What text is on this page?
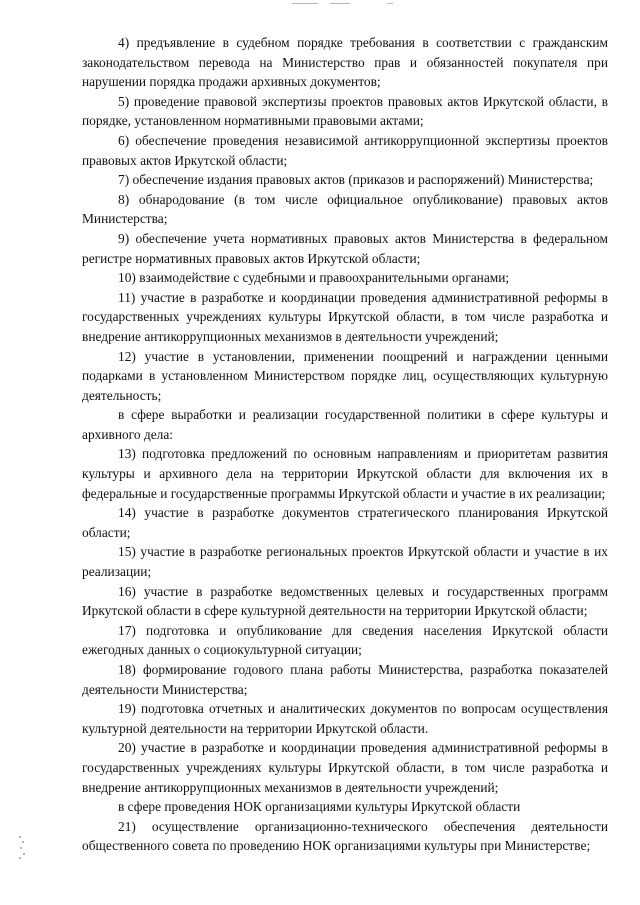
4) предъявление в судебном порядке требования в соответствии с гражданским законодательством перевода на Министерство прав и обязанностей покупателя при нарушении порядка продажи архивных документов;

5) проведение правовой экспертизы проектов правовых актов Иркутской области, в порядке, установленном нормативными правовыми актами;

6) обеспечение проведения независимой антикоррупционной экспертизы проектов правовых актов Иркутской области;

7) обеспечение издания правовых актов (приказов и распоряжений) Министерства;

8) обнародование (в том числе официальное опубликование) правовых актов Министерства;

9) обеспечение учета нормативных правовых актов Министерства в федеральном регистре нормативных правовых актов Иркутской области;

10) взаимодействие с судебными и правоохранительными органами;

11) участие в разработке и координации проведения административной реформы в государственных учреждениях культуры Иркутской области, в том числе разработка и внедрение антикоррупционных механизмов в деятельности учреждений;

12) участие в установлении, применении поощрений и награждении ценными подарками в установленном Министерством порядке лиц, осуществляющих культурную деятельность;

в сфере выработки и реализации государственной политики в сфере культуры и архивного дела:

13) подготовка предложений по основным направлениям и приоритетам развития культуры и архивного дела на территории Иркутской области для включения их в федеральные и государственные программы Иркутской области и участие в их реализации;

14) участие в разработке документов стратегического планирования Иркутской области;

15) участие в разработке региональных проектов Иркутской области и участие в их реализации;

16) участие в разработке ведомственных целевых и государственных программ Иркутской области в сфере культурной деятельности на территории Иркутской области;

17) подготовка и опубликование для сведения населения Иркутской области ежегодных данных о социокультурной ситуации;

18) формирование годового плана работы Министерства, разработка показателей деятельности Министерства;

19) подготовка отчетных и аналитических документов по вопросам осуществления культурной деятельности на территории Иркутской области.

20) участие в разработке и координации проведения административной реформы в государственных учреждениях культуры Иркутской области, в том числе разработка и внедрение антикоррупционных механизмов в деятельности учреждений;

в сфере проведения НОК организациями культуры Иркутской области

21) осуществление организационно-технического обеспечения деятельности общественного совета по проведению НОК организациями культуры при Министерстве;
